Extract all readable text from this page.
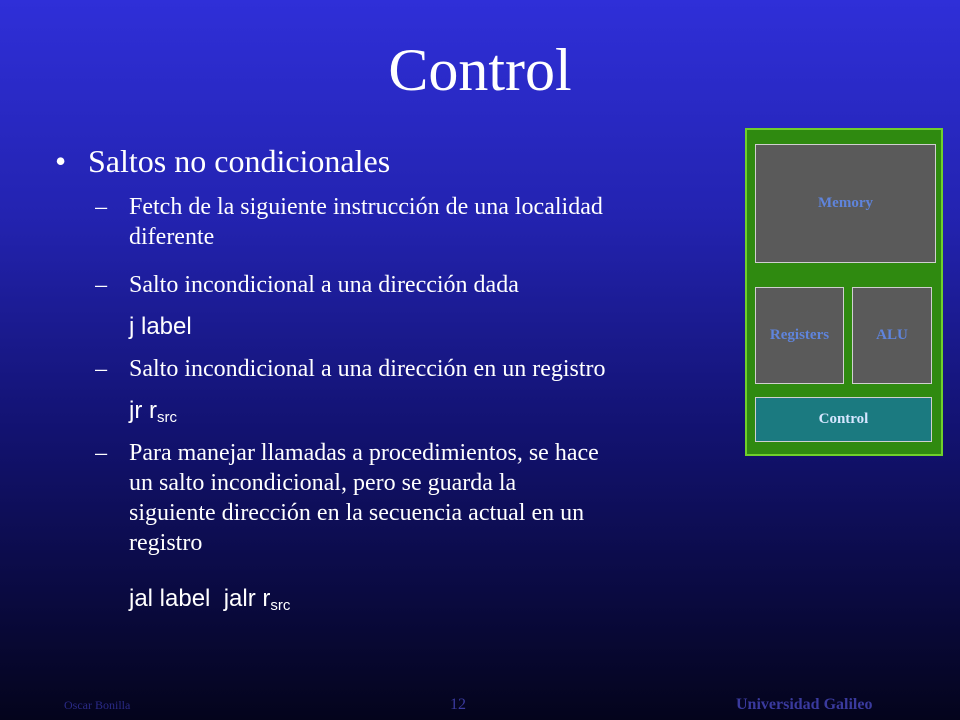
Control
• Saltos no condicionales
– Fetch de la siguiente instrucción de una localidad
diferente
– Salto incondicional a una dirección dada
j label
– Salto incondicional a una dirección en un registro
jr $r_{src}$
– Para manejar llamadas a procedimientos, se hace
un salto incondicional, pero se guarda la
siguiente dirección en la secuencia actual en un
registro
jal label  jalr $r_{src}$
Memory
Registers	ALU
Control
Oscar Bonilla	12	Universidad Galileo
